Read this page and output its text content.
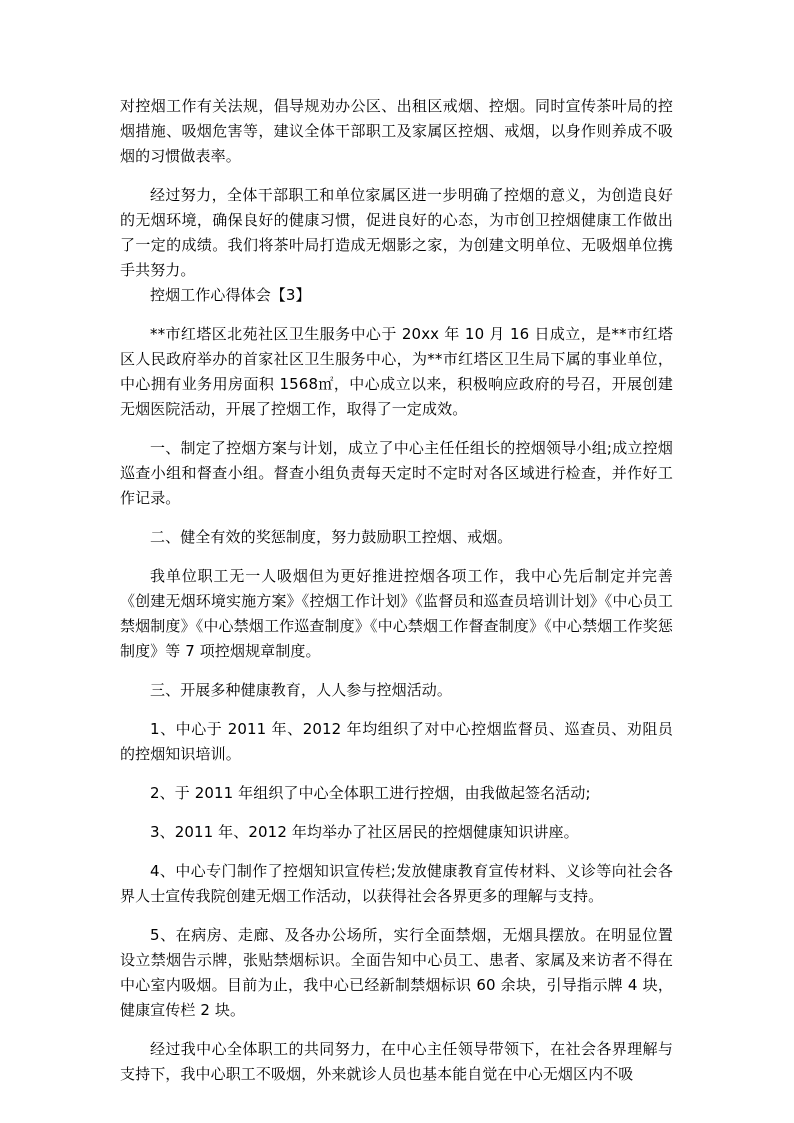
对控烟工作有关法规，倡导规劝办公区、出租区戒烟、控烟。同时宣传茶叶局的控烟措施、吸烟危害等，建议全体干部职工及家属区控烟、戒烟，以身作则养成不吸烟的习惯做表率。

经过努力，全体干部职工和单位家属区进一步明确了控烟的意义，为创造良好的无烟环境，确保良好的健康习惯，促进良好的心态，为市创卫控烟健康工作做出了一定的成绩。我们将茶叶局打造成无烟影之家，为创建文明单位、无吸烟单位携手共努力。

控烟工作心得体会【3】

**市红塔区北苑社区卫生服务中心于 20xx 年 10 月 16 日成立，是**市红塔区人民政府举办的首家社区卫生服务中心，为**市红塔区卫生局下属的事业单位，中心拥有业务用房面积 1568㎡，中心成立以来，积极响应政府的号召，开展创建无烟医院活动，开展了控烟工作，取得了一定成效。

一、制定了控烟方案与计划，成立了中心主任任组长的控烟领导小组;成立控烟巡查小组和督查小组。督查小组负责每天定时不定时对各区域进行检查，并作好工作记录。

二、健全有效的奖惩制度，努力鼓励职工控烟、戒烟。

我单位职工无一人吸烟但为更好推进控烟各项工作，我中心先后制定并完善《创建无烟环境实施方案》《控烟工作计划》《监督员和巡查员培训计划》《中心员工禁烟制度》《中心禁烟工作巡查制度》《中心禁烟工作督查制度》《中心禁烟工作奖惩制度》等 7 项控烟规章制度。

三、开展多种健康教育，人人参与控烟活动。

1、中心于 2011 年、2012 年均组织了对中心控烟监督员、巡查员、劝阻员的控烟知识培训。

2、于 2011 年组织了中心全体职工进行控烟，由我做起签名活动;

3、2011 年、2012 年均举办了社区居民的控烟健康知识讲座。

4、中心专门制作了控烟知识宣传栏;发放健康教育宣传材料、义诊等向社会各界人士宣传我院创建无烟工作活动，以获得社会各界更多的理解与支持。

5、在病房、走廊、及各办公场所，实行全面禁烟，无烟具摆放。在明显位置设立禁烟告示牌，张贴禁烟标识。全面告知中心员工、患者、家属及来访者不得在中心室内吸烟。目前为止，我中心已经新制禁烟标识 60 余块，引导指示牌 4 块，健康宣传栏 2 块。

经过我中心全体职工的共同努力，在中心主任领导带领下，在社会各界理解与支持下，我中心职工不吸烟，外来就诊人员也基本能自觉在中心无烟区内不吸
